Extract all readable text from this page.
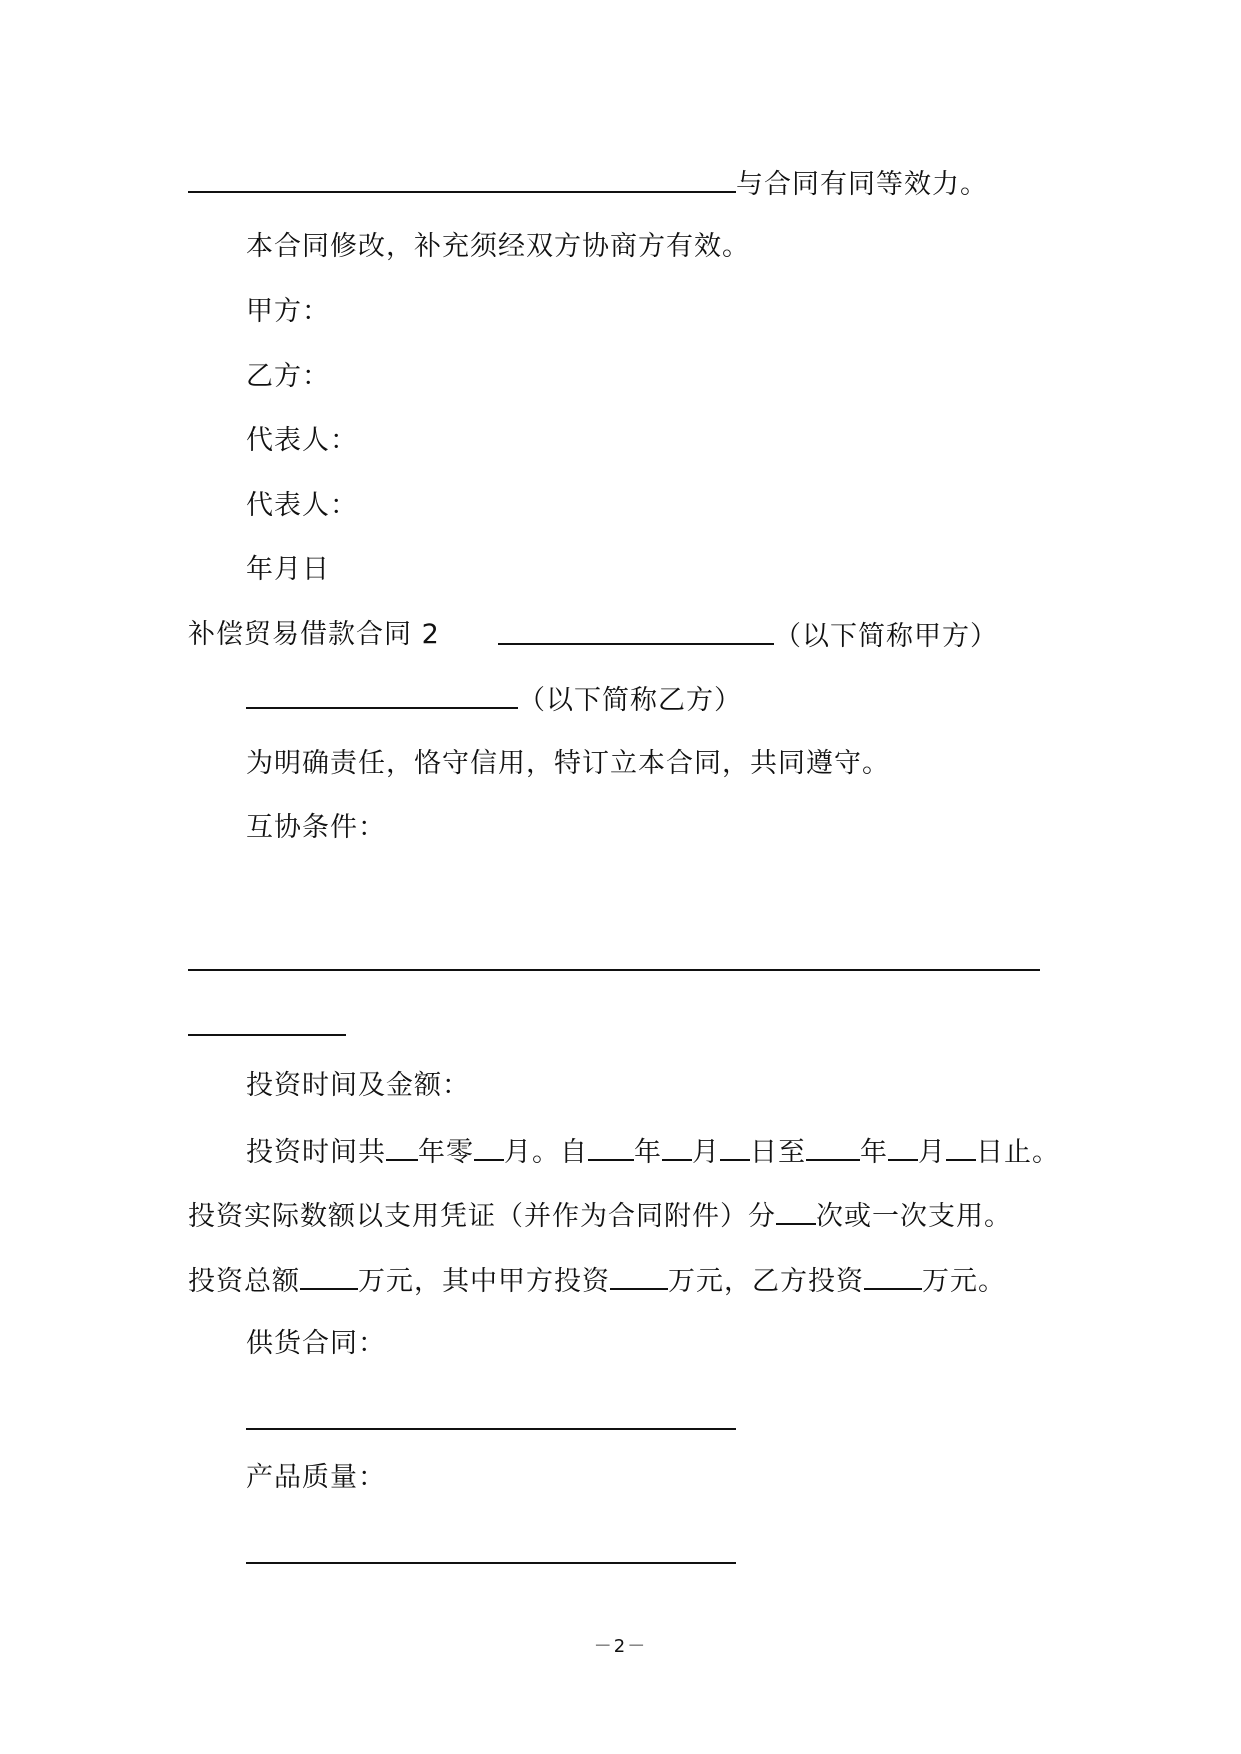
与合同有同等效力。
本合同修改，补充须经双方协商方有效。
甲方：
乙方：
代表人：
代表人：
年月日
补偿贸易借款合同 2	（以下简称甲方）
（以下简称乙方）
为明确责任，恪守信用，特订立本合同，共同遵守。
互协条件：
投资时间及金额：
投资时间共 年零 月。自 年 月 日至 年 月 日止。
投资实际数额以支用凭证（并作为合同附件）分 次或一次支用。
投资总额 万元，其中甲方投资 万元，乙方投资 万元。
供货合同：
产品质量：
－2－
